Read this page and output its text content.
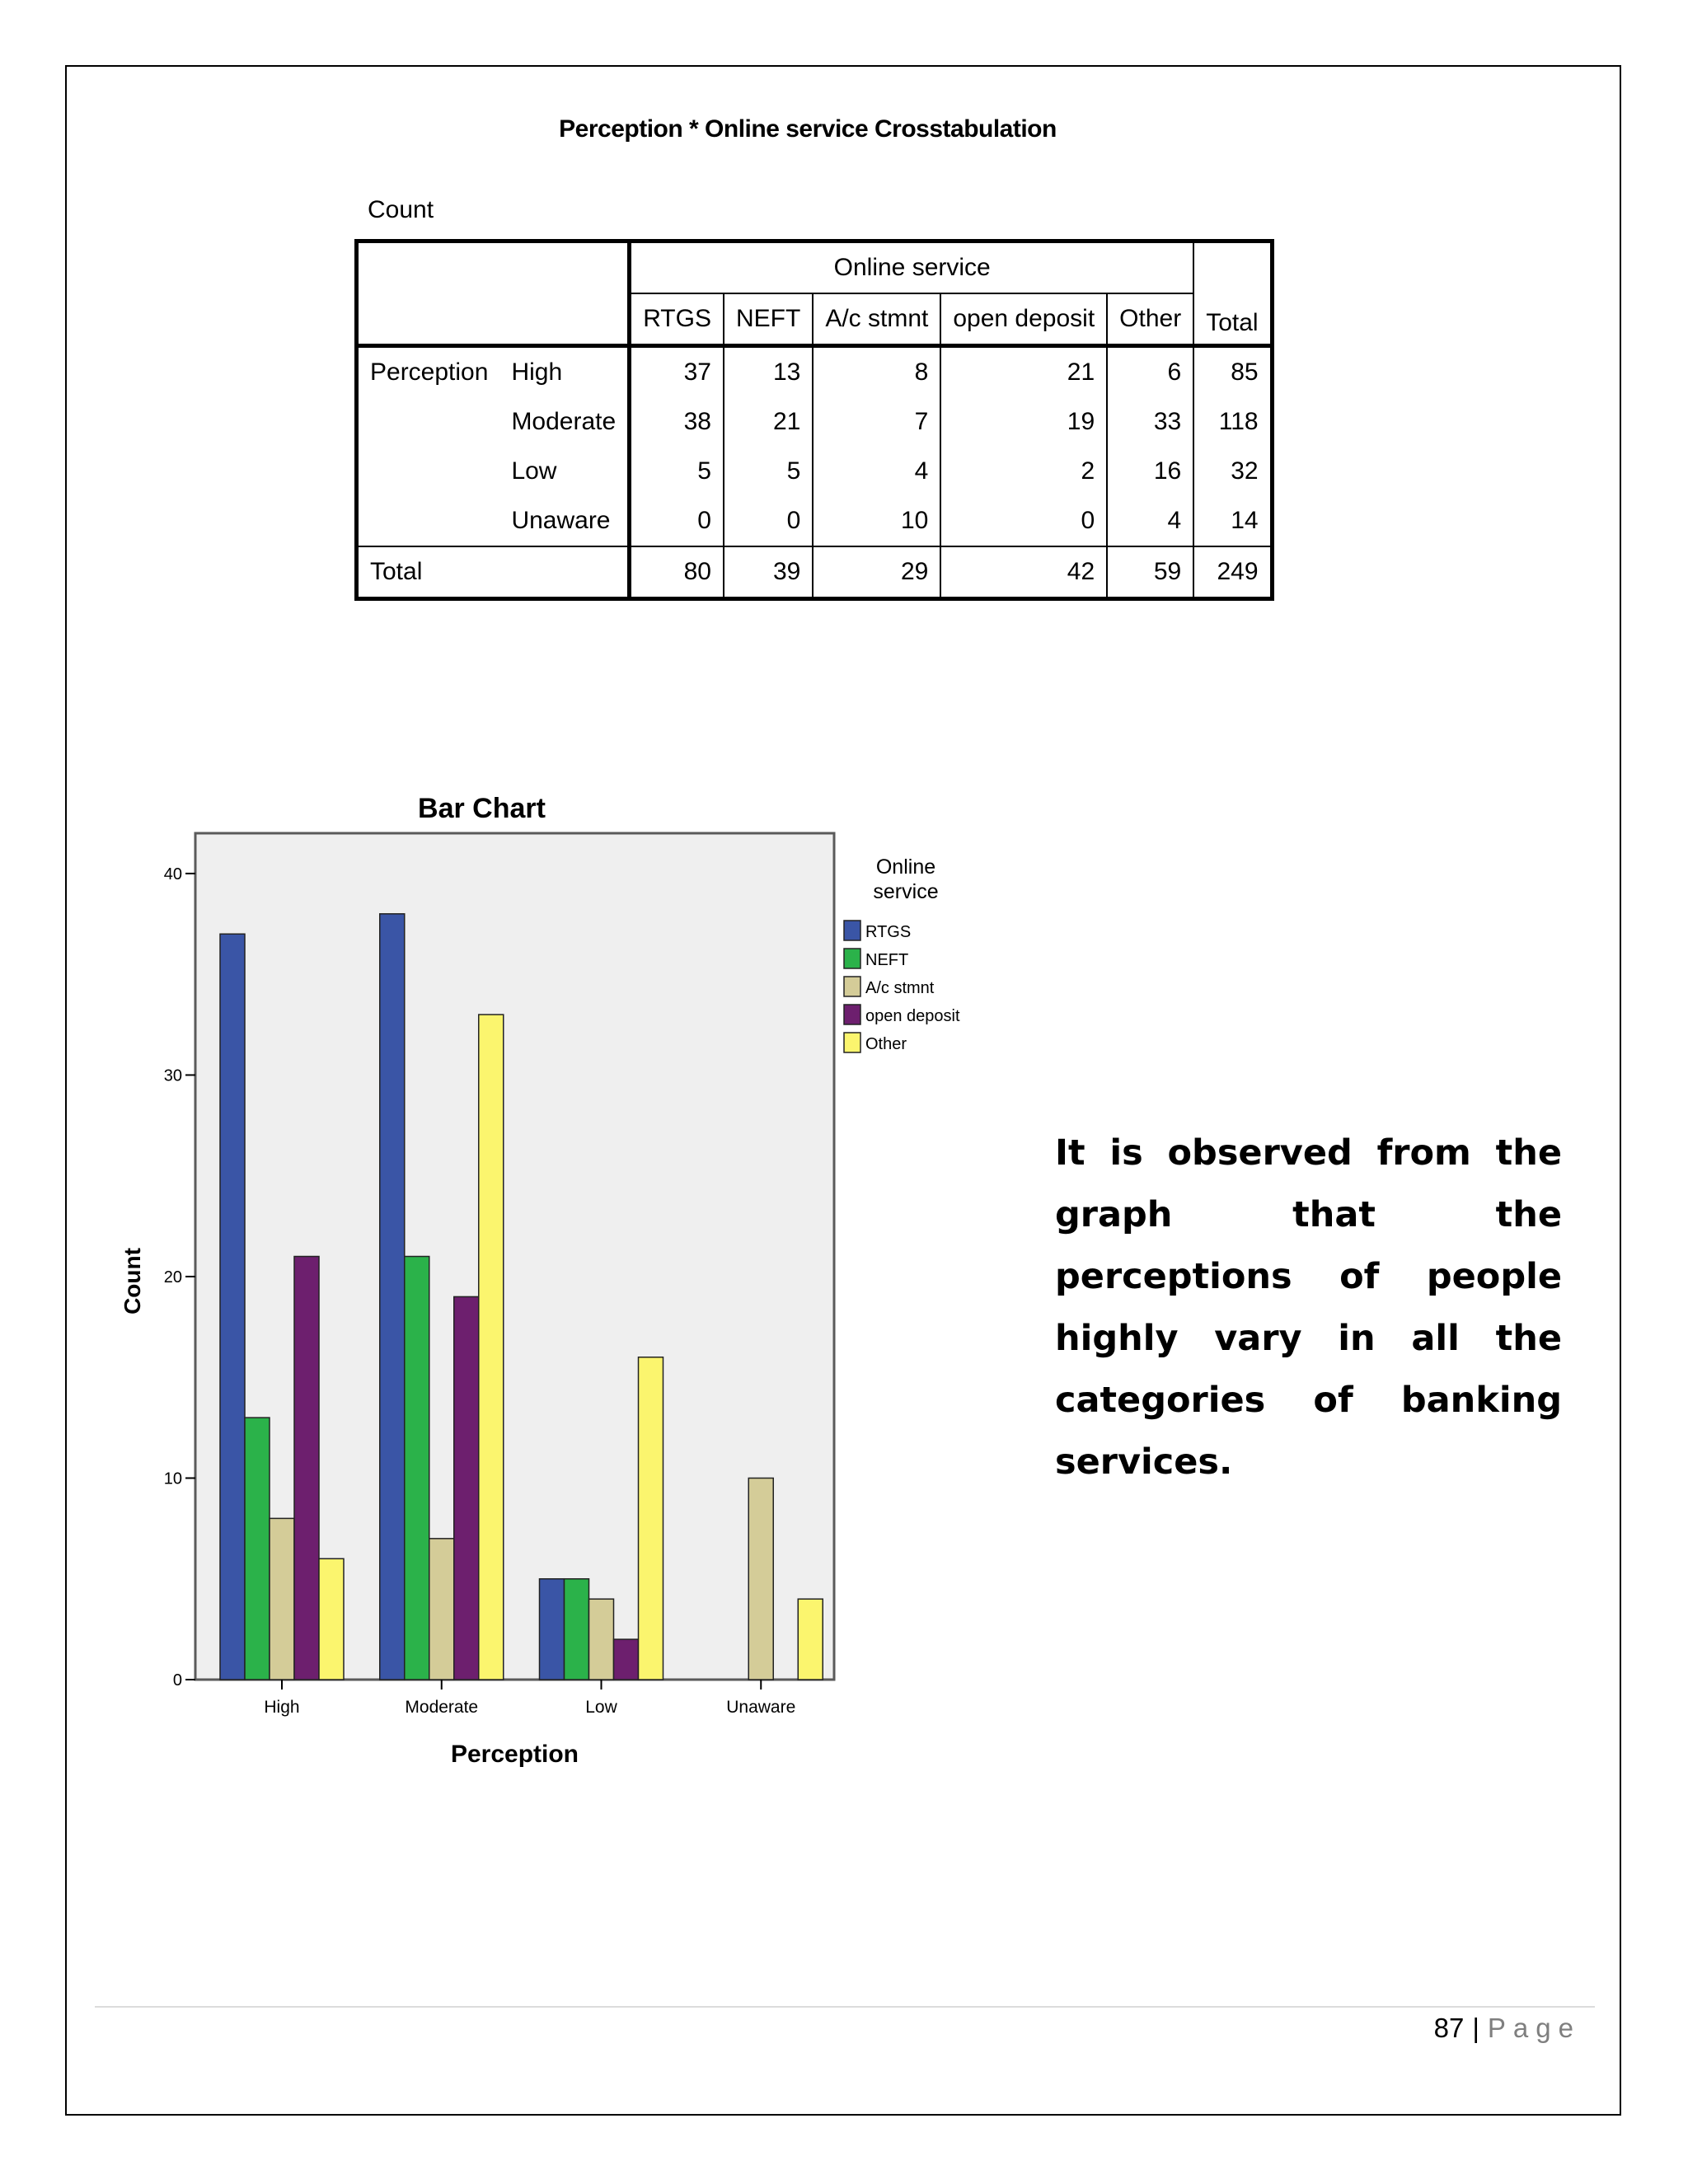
Perception * Online service Crosstabulation
Count
		Online service					Total
		RTGS	NEFT	A/c stmnt	open deposit	Other	
Perception	High	37	13	8	21	6	85
	Moderate	38	21	7	19	33	118
	Low	5	5	4	2	16	32
	Unaware	0	0	10	0	4	14
Total		80	39	29	42	59	249
Bar Chart
0
10
20
30
40
Count
High	Moderate	Low	Unaware
Perception
Online
service
RTGS
NEFT
A/c stmnt
open deposit
Other
It is observed from the graph that the perceptions of people highly vary in all the categories of banking services.
87 | Page
